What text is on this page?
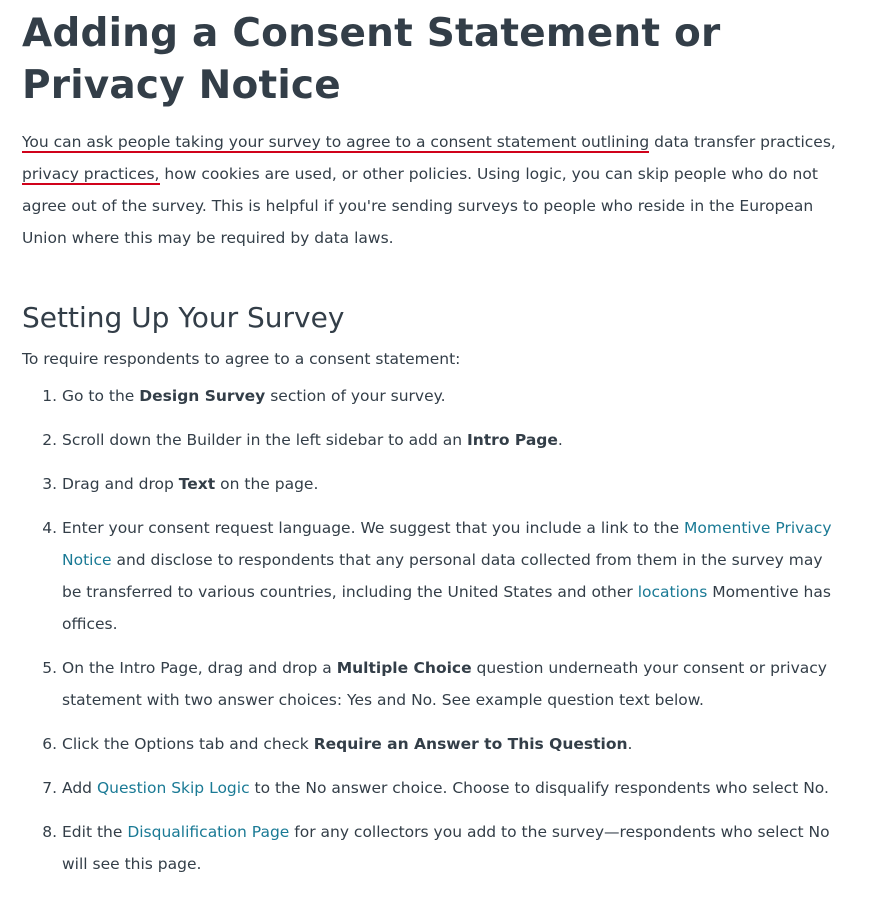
Adding a Consent Statement or Privacy Notice

You can ask people taking your survey to agree to a consent statement outlining data transfer practices, privacy practices, how cookies are used, or other policies. Using logic, you can skip people who do not agree out of the survey. This is helpful if you're sending surveys to people who reside in the European Union where this may be required by data laws.

Setting Up Your Survey

To require respondents to agree to a consent statement:

1. Go to the Design Survey section of your survey.
2. Scroll down the Builder in the left sidebar to add an Intro Page.
3. Drag and drop Text on the page.
4. Enter your consent request language. We suggest that you include a link to the Momentive Privacy Notice and disclose to respondents that any personal data collected from them in the survey may be transferred to various countries, including the United States and other locations Momentive has offices.
5. On the Intro Page, drag and drop a Multiple Choice question underneath your consent or privacy statement with two answer choices: Yes and No. See example question text below.
6. Click the Options tab and check Require an Answer to This Question.
7. Add Question Skip Logic to the No answer choice. Choose to disqualify respondents who select No.
8. Edit the Disqualification Page for any collectors you add to the survey—respondents who select No will see this page.
